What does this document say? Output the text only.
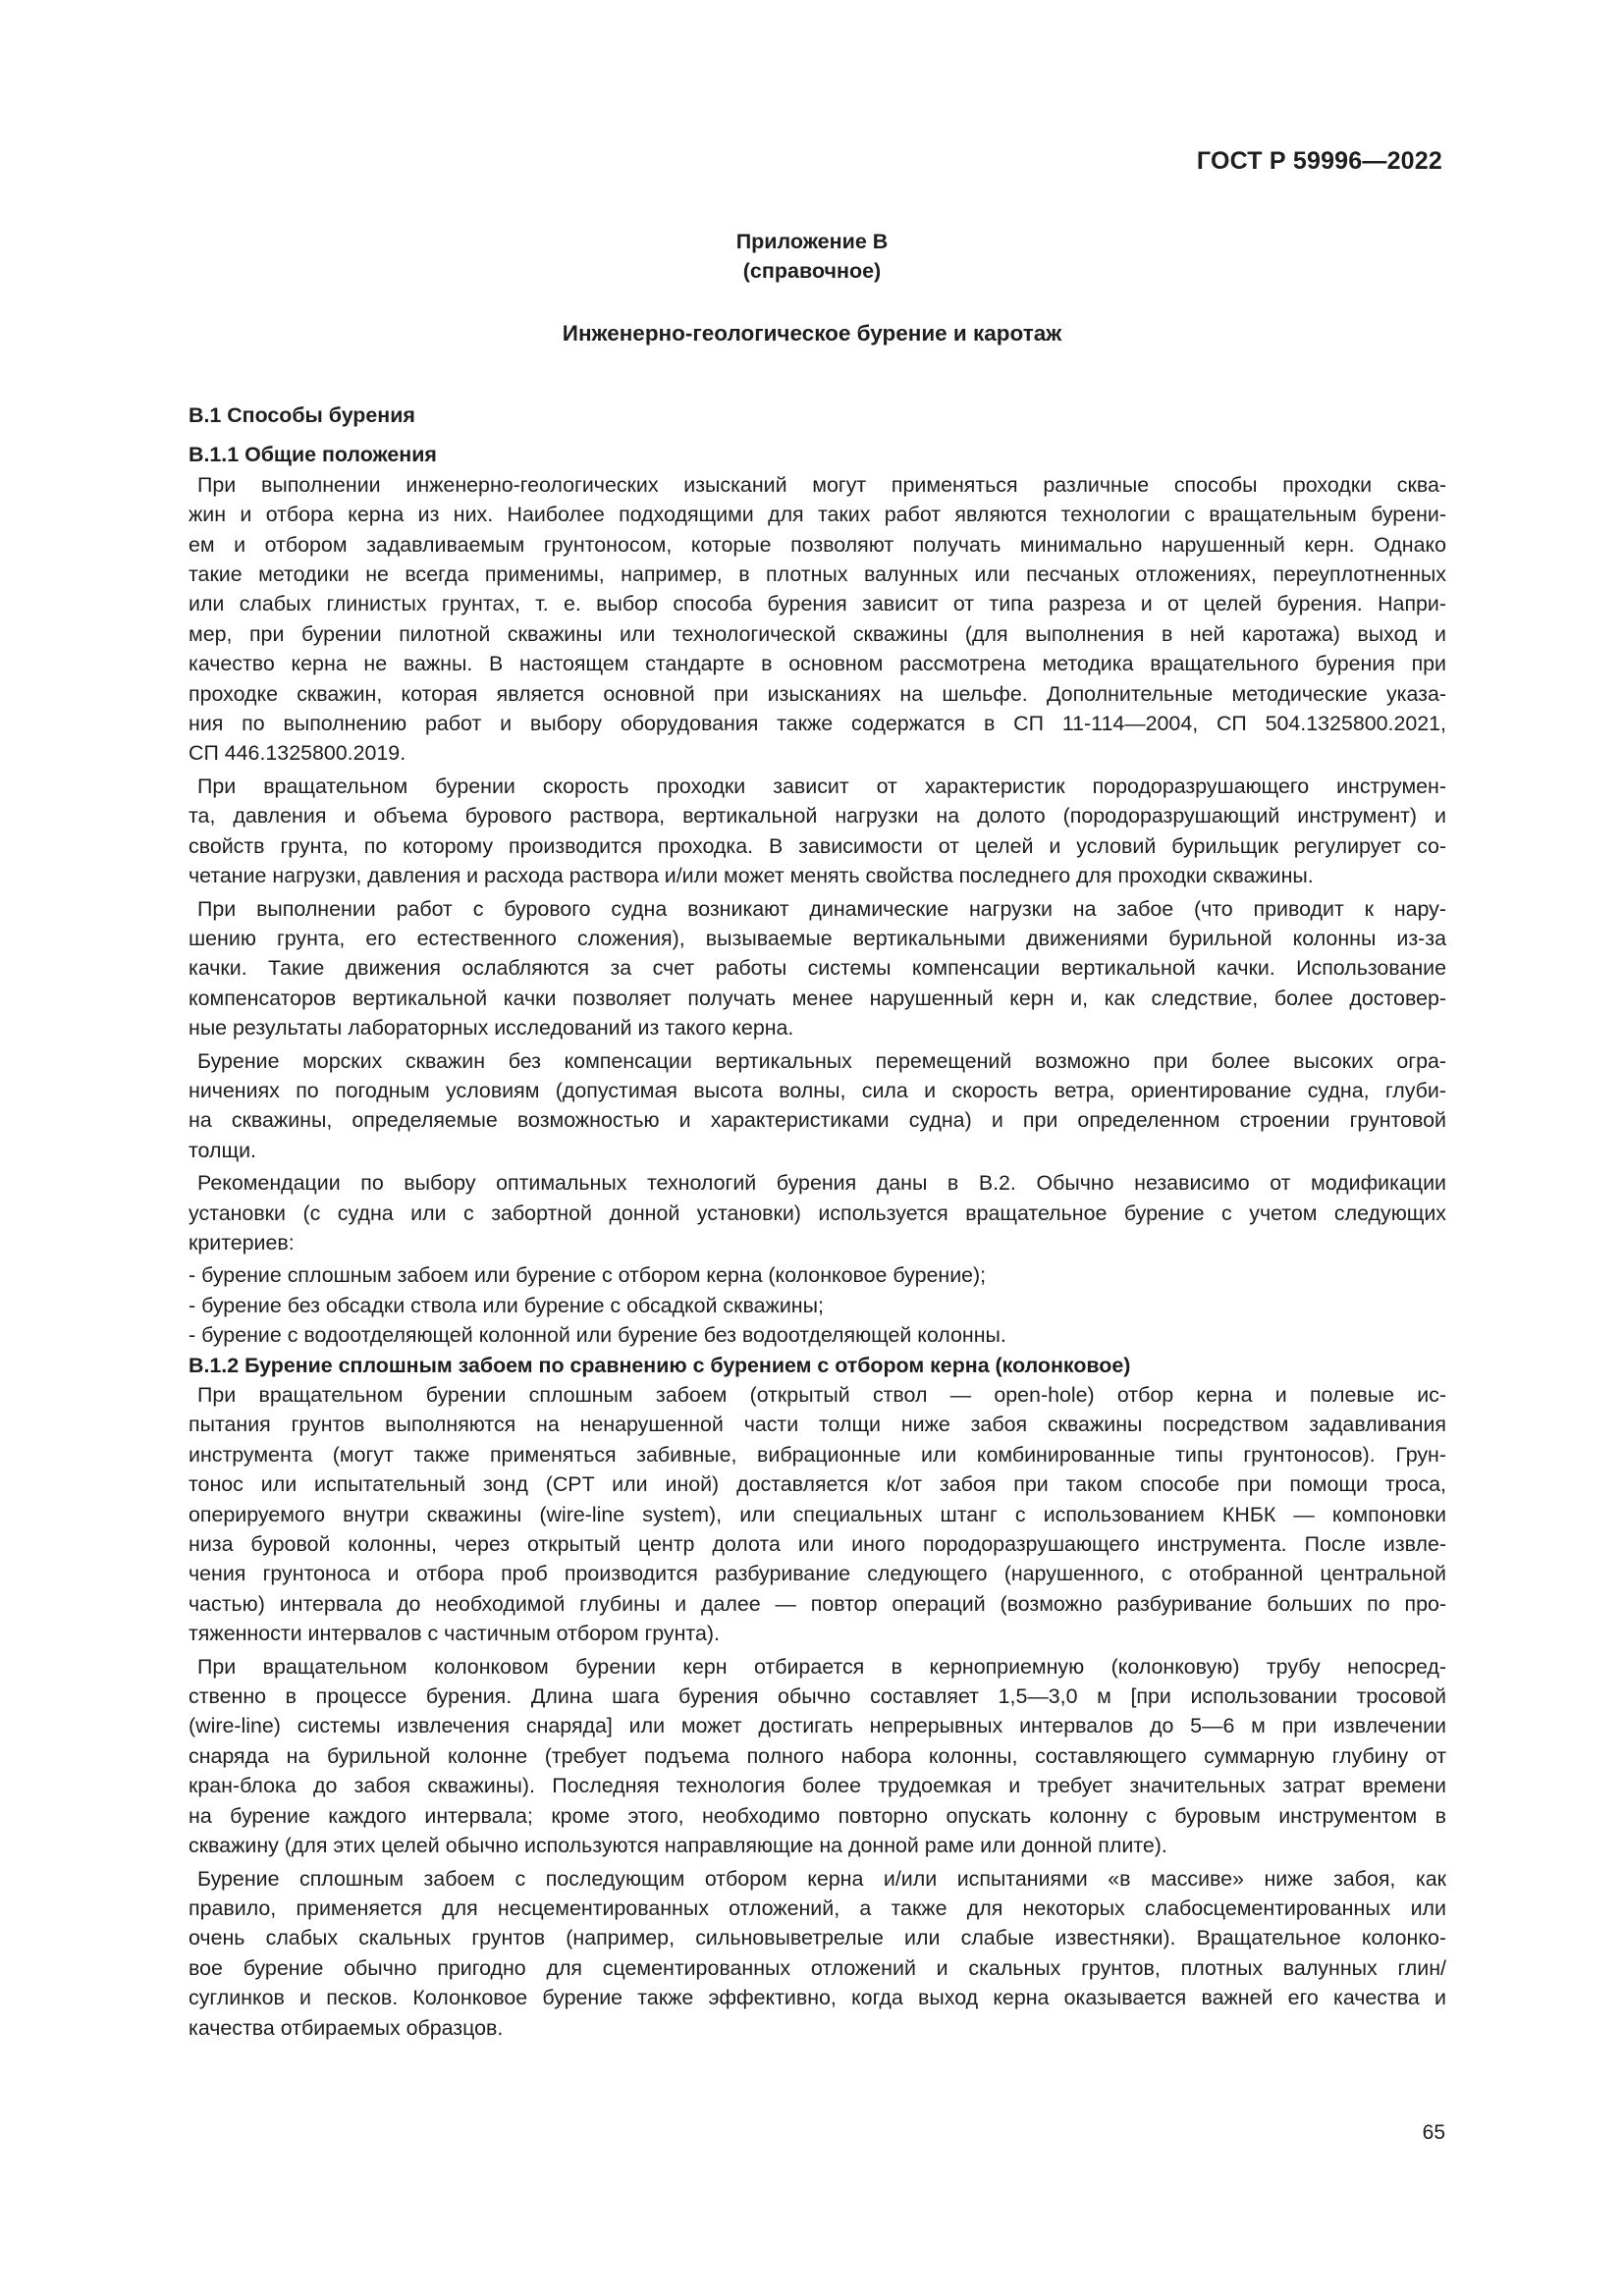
ГОСТ Р 59996—2022
Приложение В
(справочное)
Инженерно-геологическое бурение и каротаж

В.1 Способы бурения

В.1.1 Общие положения

При выполнении инженерно-геологических изысканий могут применяться различные способы проходки сква-
жин и отбора керна из них. Наиболее подходящими для таких работ являются технологии с вращательным бурени-
ем и отбором задавливаемым грунтоносом, которые позволяют получать минимально нарушенный керн. Однако
такие методики не всегда применимы, например, в плотных валунных или песчаных отложениях, переуплотненных
или слабых глинистых грунтах, т. е. выбор способа бурения зависит от типа разреза и от целей бурения. Напри-
мер, при бурении пилотной скважины или технологической скважины (для выполнения в ней каротажа) выход и
качество керна не важны. В настоящем стандарте в основном рассмотрена методика вращательного бурения при
проходке скважин, которая является основной при изысканиях на шельфе. Дополнительные методические указа-
ния по выполнению работ и выбору оборудования также содержатся в СП 11-114—2004, СП 504.1325800.2021,
СП 446.1325800.2019.
При вращательном бурении скорость проходки зависит от характеристик породоразрушающего инструмен-
та, давления и объема бурового раствора, вертикальной нагрузки на долото (породоразрушающий инструмент) и
свойств грунта, по которому производится проходка. В зависимости от целей и условий бурильщик регулирует со-
четание нагрузки, давления и расхода раствора и/или может менять свойства последнего для проходки скважины.
При выполнении работ с бурового судна возникают динамические нагрузки на забое (что приводит к нару-
шению грунта, его естественного сложения), вызываемые вертикальными движениями бурильной колонны из-за
качки. Такие движения ослабляются за счет работы системы компенсации вертикальной качки. Использование
компенсаторов вертикальной качки позволяет получать менее нарушенный керн и, как следствие, более достовер-
ные результаты лабораторных исследований из такого керна.
Бурение морских скважин без компенсации вертикальных перемещений возможно при более высоких огра-
ничениях по погодным условиям (допустимая высота волны, сила и скорость ветра, ориентирование судна, глуби-
на скважины, определяемые возможностью и характеристиками судна) и при определенном строении грунтовой
толщи.
Рекомендации по выбору оптимальных технологий бурения даны в В.2. Обычно независимо от модификации
установки (с судна или с забортной донной установки) используется вращательное бурение с учетом следующих
критериев:

- бурение сплошным забоем или бурение с отбором керна (колонковое бурение);

- бурение без обсадки ствола или бурение с обсадкой скважины;

- бурение с водоотделяющей колонной или бурение без водоотделяющей колонны.

В.1.2 Бурение сплошным забоем по сравнению с бурением с отбором керна (колонковое)

При вращательном бурении сплошным забоем (открытый ствол — open-hole) отбор керна и полевые ис-
пытания грунтов выполняются на ненарушенной части толщи ниже забоя скважины посредством задавливания
инструмента (могут также применяться забивные, вибрационные или комбинированные типы грунтоносов). Грун-
тонос или испытательный зонд (CPT или иной) доставляется к/от забоя при таком способе при помощи троса,
оперируемого внутри скважины (wire-line system), или специальных штанг с использованием КНБК — компоновки
низа буровой колонны, через открытый центр долота или иного породоразрушающего инструмента. После извле-
чения грунтоноса и отбора проб производится разбуривание следующего (нарушенного, с отобранной центральной
частью) интервала до необходимой глубины и далее — повтор операций (возможно разбуривание больших по про-
тяженности интервалов с частичным отбором грунта).
При вращательном колонковом бурении керн отбирается в керноприемную (колонковую) трубу непосред-
ственно в процессе бурения. Длина шага бурения обычно составляет 1,5—3,0 м [при использовании тросовой
(wire-line) системы извлечения снаряда] или может достигать непрерывных интервалов до 5—6 м при извлечении
снаряда на бурильной колонне (требует подъема полного набора колонны, составляющего суммарную глубину от
кран-блока до забоя скважины). Последняя технология более трудоемкая и требует значительных затрат времени
на бурение каждого интервала; кроме этого, необходимо повторно опускать колонну с буровым инструментом в
скважину (для этих целей обычно используются направляющие на донной раме или донной плите).
Бурение сплошным забоем с последующим отбором керна и/или испытаниями «в массиве» ниже забоя, как
правило, применяется для несцементированных отложений, а также для некоторых слабосцементированных или
очень слабых скальных грунтов (например, сильновыветрелые или слабые известняки). Вращательное колонко-
вое бурение обычно пригодно для сцементированных отложений и скальных грунтов, плотных валунных глин/
суглинков и песков. Колонковое бурение также эффективно, когда выход керна оказывается важней его качества и
качества отбираемых образцов.
65
